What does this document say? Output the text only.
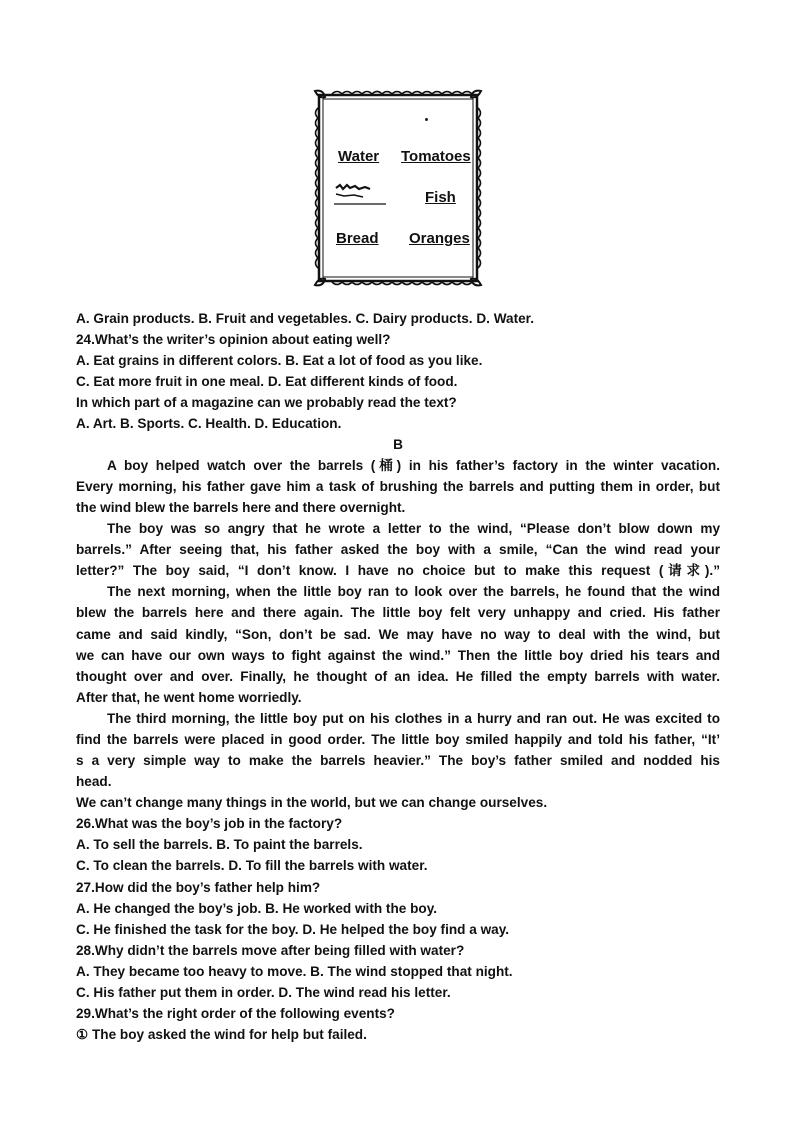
Water Tomatoes
Fish
Bread Oranges
A. Grain products. B. Fruit and vegetables. C. Dairy products. D. Water.
24.What’s the writer’s opinion about eating well?
A. Eat grains in different colors. B. Eat a lot of food as you like.
C. Eat more fruit in one meal. D. Eat different kinds of food.
In which part of a magazine can we probably read the text?
A. Art. B. Sports. C. Health. D. Education.
B
A boy helped watch over the barrels (桶) in his father’s factory in the winter vacation.
Every morning, his father gave him a task of brushing the barrels and putting them in order, but
the wind blew the barrels here and there overnight.
The boy was so angry that he wrote a letter to the wind, “Please don’t blow down my
barrels.” After seeing that, his father asked the boy with a smile, “Can the wind read your
letter?” The boy said, “I don’t know. I have no choice but to make this request (请求).”
The next morning, when the little boy ran to look over the barrels, he found that the wind
blew the barrels here and there again. The little boy felt very unhappy and cried. His father
came and said kindly, “Son, don’t be sad. We may have no way to deal with the wind, but
we can have our own ways to fight against the wind.” Then the little boy dried his tears and
thought over and over. Finally, he thought of an idea. He filled the empty barrels with water.
After that, he went home worriedly.
The third morning, the little boy put on his clothes in a hurry and ran out. He was excited to
find the barrels were placed in good order. The little boy smiled happily and told his father, “It’
s a very simple way to make the barrels heavier.” The boy’s father smiled and nodded his
head.
We can’t change many things in the world, but we can change ourselves.
26.What was the boy’s job in the factory?
A. To sell the barrels. B. To paint the barrels.
C. To clean the barrels. D. To fill the barrels with water.
27.How did the boy’s father help him?
A. He changed the boy’s job. B. He worked with the boy.
C. He finished the task for the boy. D. He helped the boy find a way.
28.Why didn’t the barrels move after being filled with water?
A. They became too heavy to move. B. The wind stopped that night.
C. His father put them in order. D. The wind read his letter.
29.What’s the right order of the following events?
① The boy asked the wind for help but failed.
